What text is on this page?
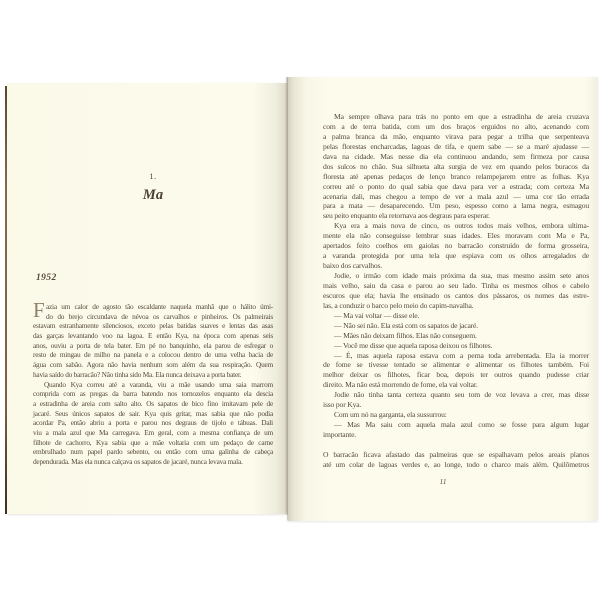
1.
Ma
1952
F azia um calor de agosto tão escaldante naquela manhã que o hálito úmi-
do do brejo circundava de névoa os carvalhos e pinheiros. Os palmeirais
estavam estranhamente silenciosos, exceto pelas batidas suaves e lentas das asas
das garças levantando voo na lagoa. E então Kya, na época com apenas seis
anos, ouviu a porta de tela bater. Em pé no banquinho, ela parou de esfregar o
resto de mingau de milho na panela e a colocou dentro de uma velha bacia de
água com sabão. Agora não havia nenhum som além da sua respiração. Quem
havia saído do barracão? Não tinha sido Ma. Ela nunca deixava a porta bater.
Quando Kya correu até a varanda, viu a mãe usando uma saia marrom
comprida com as pregas da barra batendo nos tornozelos enquanto ela descia
a estradinha de areia com salto alto. Os sapatos de bico fino imitavam pele de
jacaré. Seus únicos sapatos de sair. Kya quis gritar, mas sabia que não podia
acordar Pa, então abriu a porta e parou nos degraus de tijolo e tábuas. Dali
viu a mala azul que Ma carregava. Em geral, com a mesma confiança de um
filhote de cachorro, Kya sabia que a mãe voltaria com um pedaço de carne
embrulhado num papel pardo sebento, ou então com uma galinha de cabeça
dependurada. Mas ela nunca calçava os sapatos de jacaré, nunca levava mala.
Ma sempre olhava para trás no ponto em que a estradinha de areia cruzava
com a de terra batida, com um dos braços erguidos no alto, acenando com
a palma branca da mão, enquanto virava para pegar a trilha que serpenteava
pelas florestas encharcadas, lagoas de tifa, e quem sabe — se a maré ajudasse —
dava na cidade. Mas nesse dia ela continuou andando, sem firmeza por causa
dos sulcos no chão. Sua silhueta alta surgia de vez em quando pelos buracos da
floresta até apenas pedaços de lenço branco relampejarem entre as folhas. Kya
correu até o ponto do qual sabia que dava para ver a estrada; com certeza Ma
acenaria dali, mas chegou a tempo de ver a mala azul — uma cor tão errada
para a mata — desaparecendo. Um peso, espesso como a lama negra, esmagou
seu peito enquanto ela retornava aos degraus para esperar.
Kya era a mais nova de cinco, os outros todos mais velhos, embora ultima-
mente ela não conseguisse lembrar suas idades. Eles moravam com Ma e Pa,
apertados feito coelhos em gaiolas no barracão construído de forma grosseira,
a varanda protegida por uma tela que espiava com os olhos arregalados de
baixo dos carvalhos.
Jodie, o irmão com idade mais próxima da sua, mas mesmo assim sete anos
mais velho, saiu da casa e parou ao seu lado. Tinha os mesmos olhos e cabelo
escuros que ela; havia lhe ensinado os cantos dos pássaros, os nomes das estre-
las, a conduzir o barco pelo meio do capim-navalha.
— Ma vai voltar — disse ele.
— Não sei não. Ela está com os sapatos de jacaré.
— Mães não deixam filhos. Elas não conseguem.
— Você me disse que aquela raposa deixou os filhotes.
— É, mas aquela raposa estava com a perna toda arrebentada. Ela ia morrer
de fome se tivesse tentado se alimentar e alimentar os filhotes também. Foi
melhor deixar os filhotes, ficar boa, depois ter outros quando pudesse criar
direito. Ma não está morrendo de fome, ela vai voltar.
Jodie não tinha tanta certeza quanto seu tom de voz levava a crer, mas disse
isso por Kya.
Com um nó na garganta, ela sussurrou:
— Mas Ma saiu com aquela mala azul como se fosse para algum lugar
importante.
O barracão ficava afastado das palmeiras que se espalhavam pelos areais planos
até um colar de lagoas verdes e, ao longe, todo o charco mais além. Quilômetros
11
